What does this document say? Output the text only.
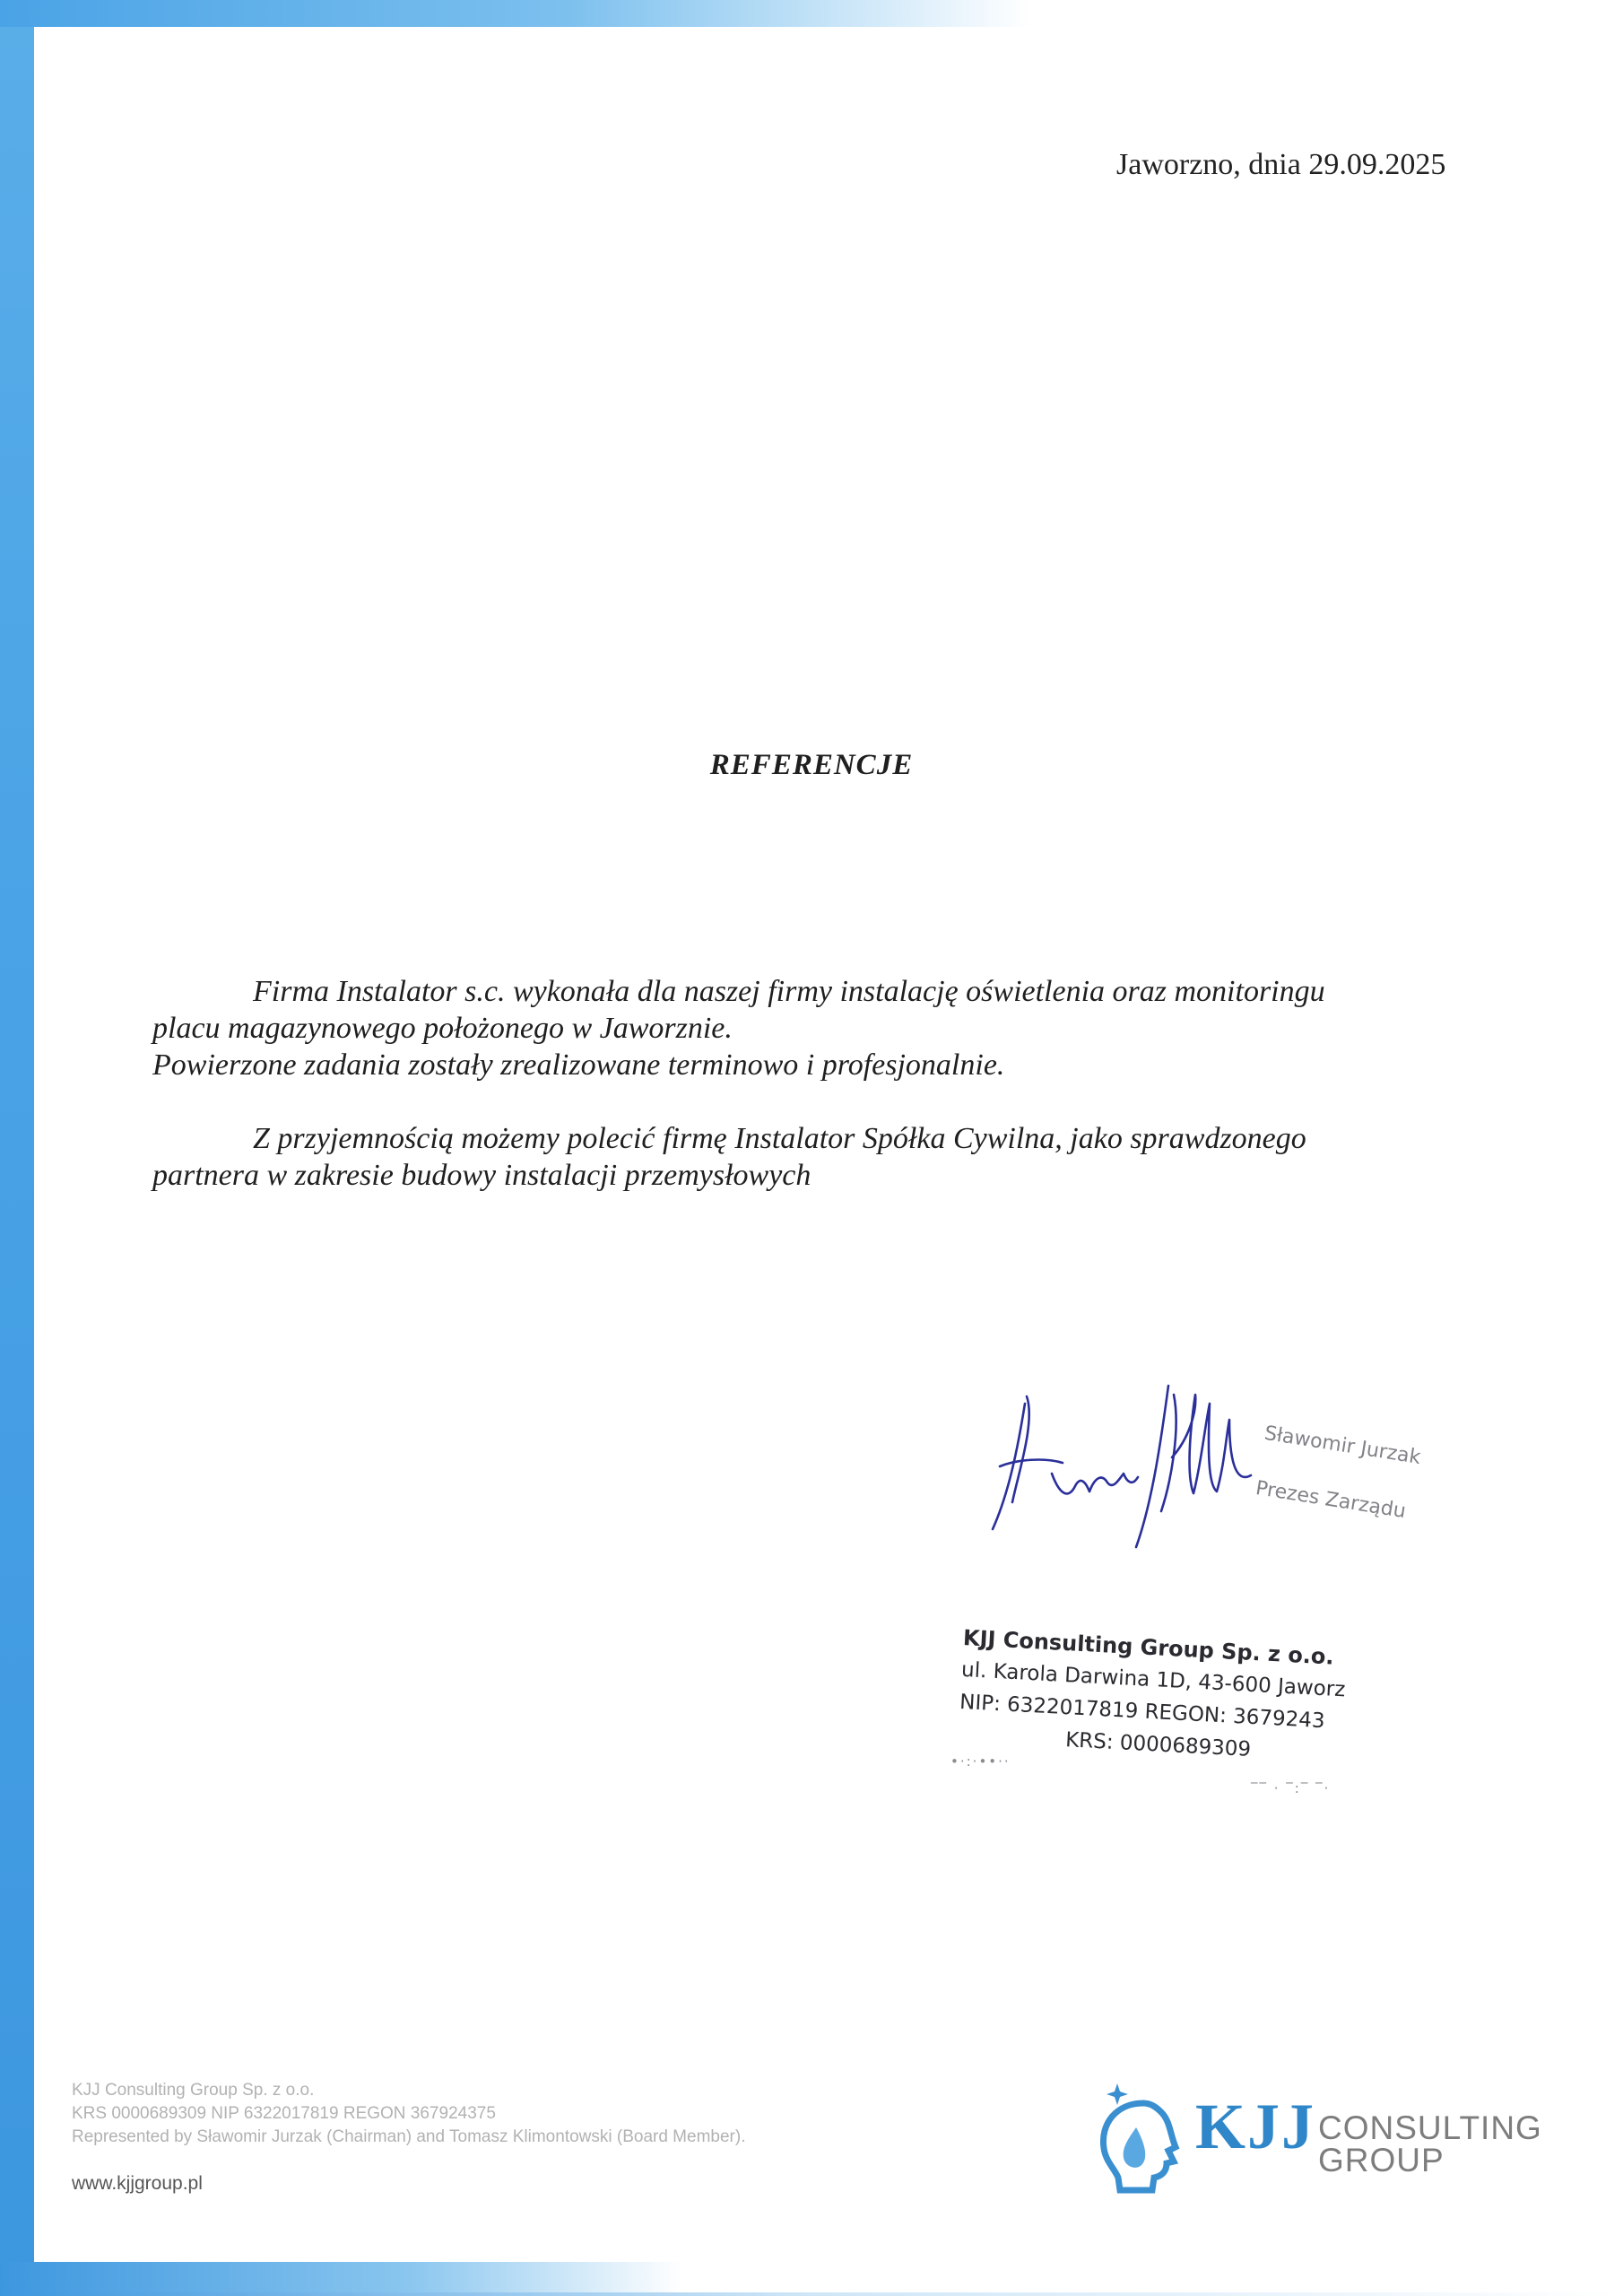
Jaworzno, dnia 29.09.2025
REFERENCJE

Firma Instalator s.c. wykonała dla naszej firmy instalację oświetlenia oraz monitoringu

placu magazynowego położonego w Jaworznie.

Powierzone zadania zostały zrealizowane terminowo i profesjonalnie.

Z przyjemnością możemy polecić firmę Instalator Spółka Cywilna, jako sprawdzonego

partnera w zakresie budowy instalacji przemysłowych

Sławomir Jurzak
Prezes Zarządu
KJJ Consulting Group Sp. z o.o.
ul. Karola Darwina 1D, 43-600 Jaworz
NIP: 6322017819 REGON: 3679243
KRS: 0000689309
•·:·••··
‾‾ · ‾:‾ ‾·
KJJ Consulting Group Sp. z o.o.
KRS 0000689309 NIP 6322017819 REGON 367924375
Represented by Sławomir Jurzak (Chairman) and Tomasz Klimontowski (Board Member).
www.kjjgroup.pl
KJJ CONSULTING
GROUP
